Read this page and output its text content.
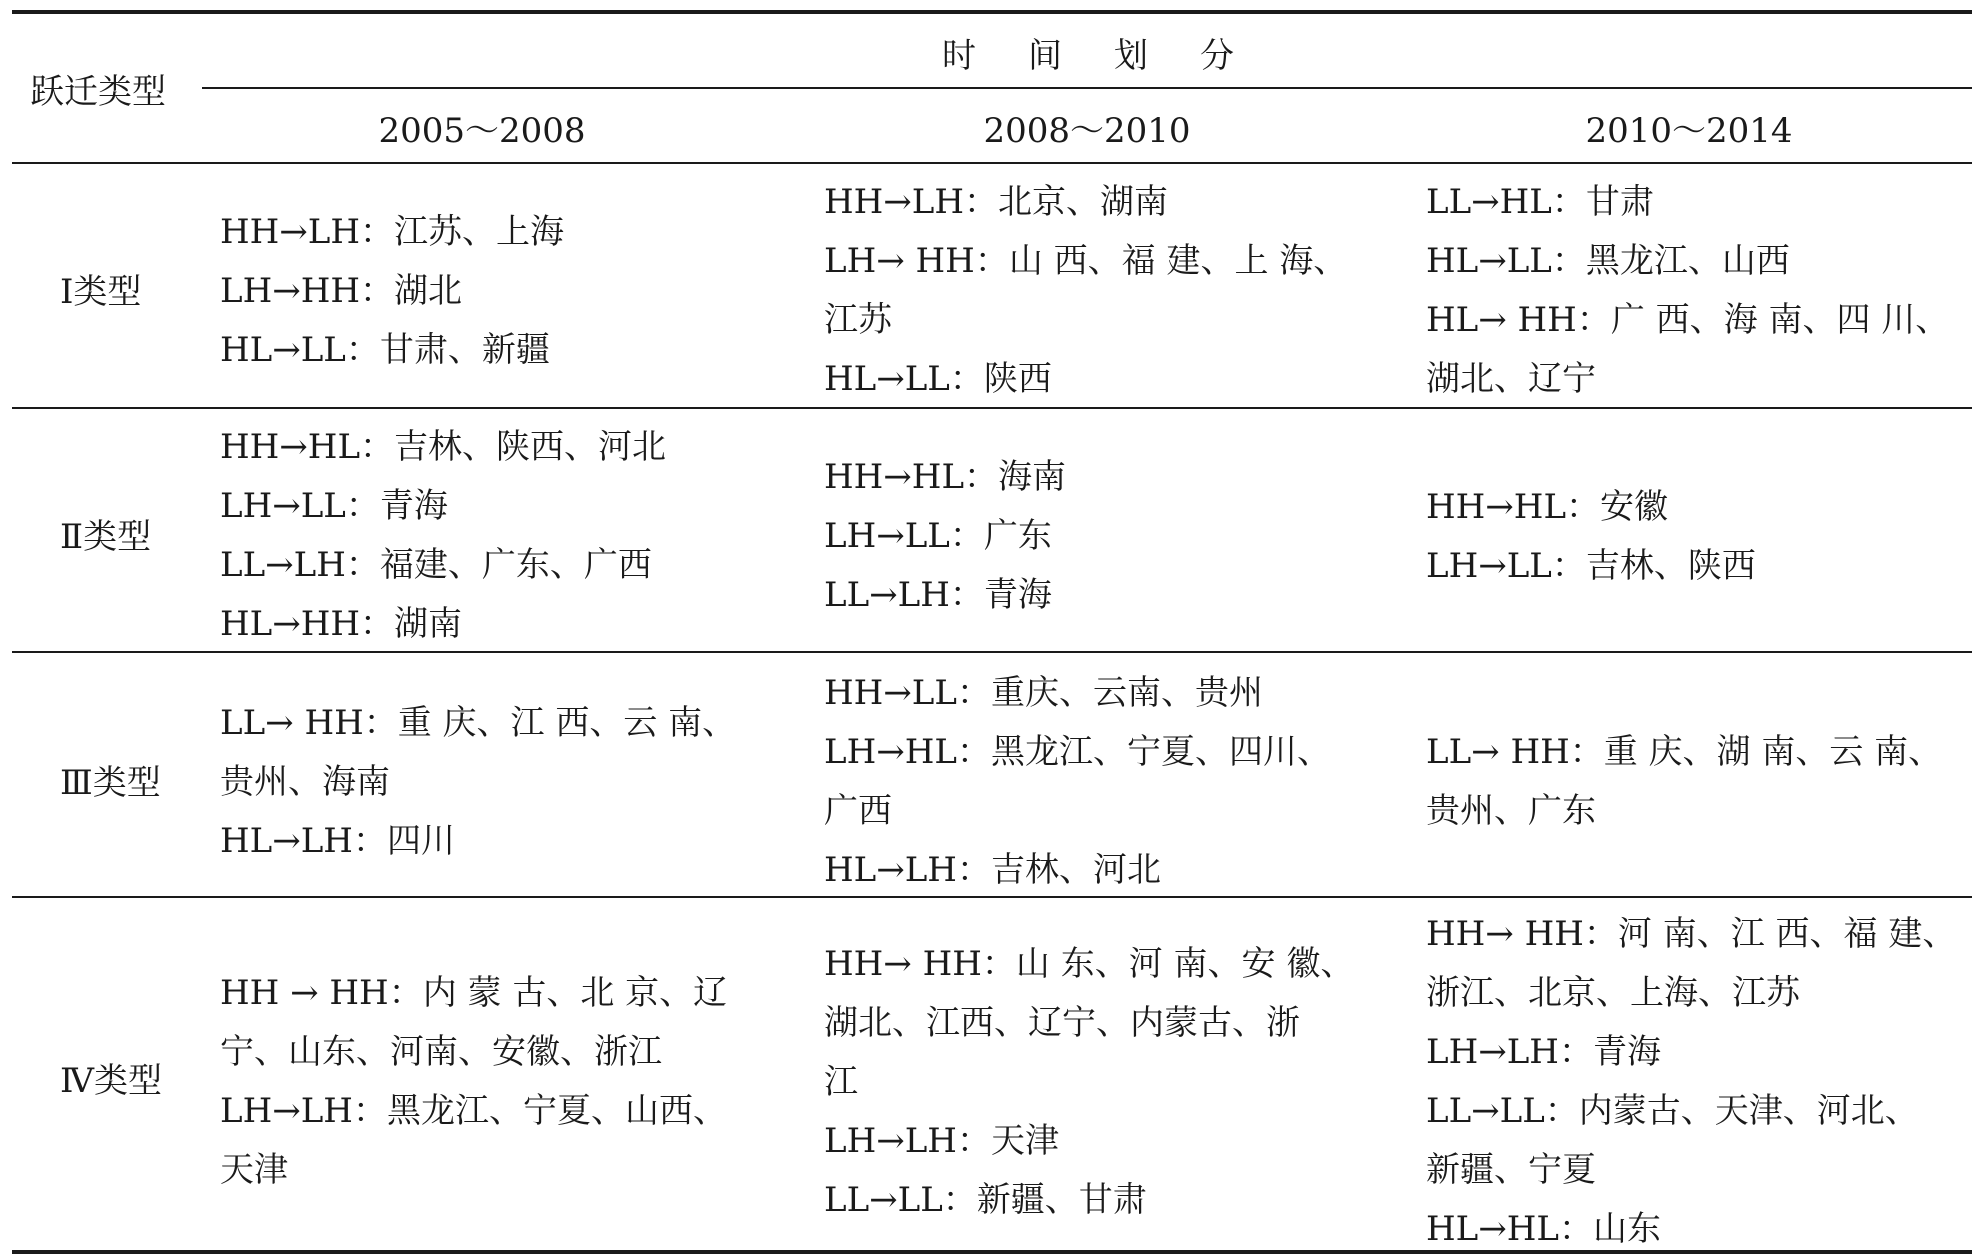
跃迁类型
时间划分
2005～2008	2008～2010	2010～2014
Ⅰ类型
Ⅱ类型
Ⅲ类型
Ⅳ类型
HH→LH：江苏、上海
LH→HH：湖北
HL→LL：甘肃、新疆
HH→LH：北京、湖南
LH→ HH：山 西、福 建、上 海、
江苏
HL→LL：陕西
LL→HL：甘肃
HL→LL：黑龙江、山西
HL→ HH：广 西、海 南、四 川、
湖北、辽宁
HH→HL：吉林、陕西、河北
LH→LL：青海
LL→LH：福建、广东、广西
HL→HH：湖南
HH→HL：海南
LH→LL：广东
LL→LH：青海
HH→HL：安徽
LH→LL：吉林、陕西
LL→ HH：重 庆、江 西、云 南、
贵州、海南
HL→LH：四川
HH→LL：重庆、云南、贵州
LH→HL：黑龙江、宁夏、四川、
广西
HL→LH：吉林、河北
LL→ HH：重 庆、湖 南、云 南、
贵州、广东
HH → HH：内 蒙 古、北 京、辽
宁、山东、河南、安徽、浙江
LH→LH：黑龙江、宁夏、山西、
天津
HH→ HH：山 东、河 南、安 徽、
湖北、江西、辽宁、内蒙古、浙
江
LH→LH：天津
LL→LL：新疆、甘肃
HH→ HH：河 南、江 西、福 建、
浙江、北京、上海、江苏
LH→LH：青海
LL→LL：内蒙古、天津、河北、
新疆、宁夏
HL→HL：山东
